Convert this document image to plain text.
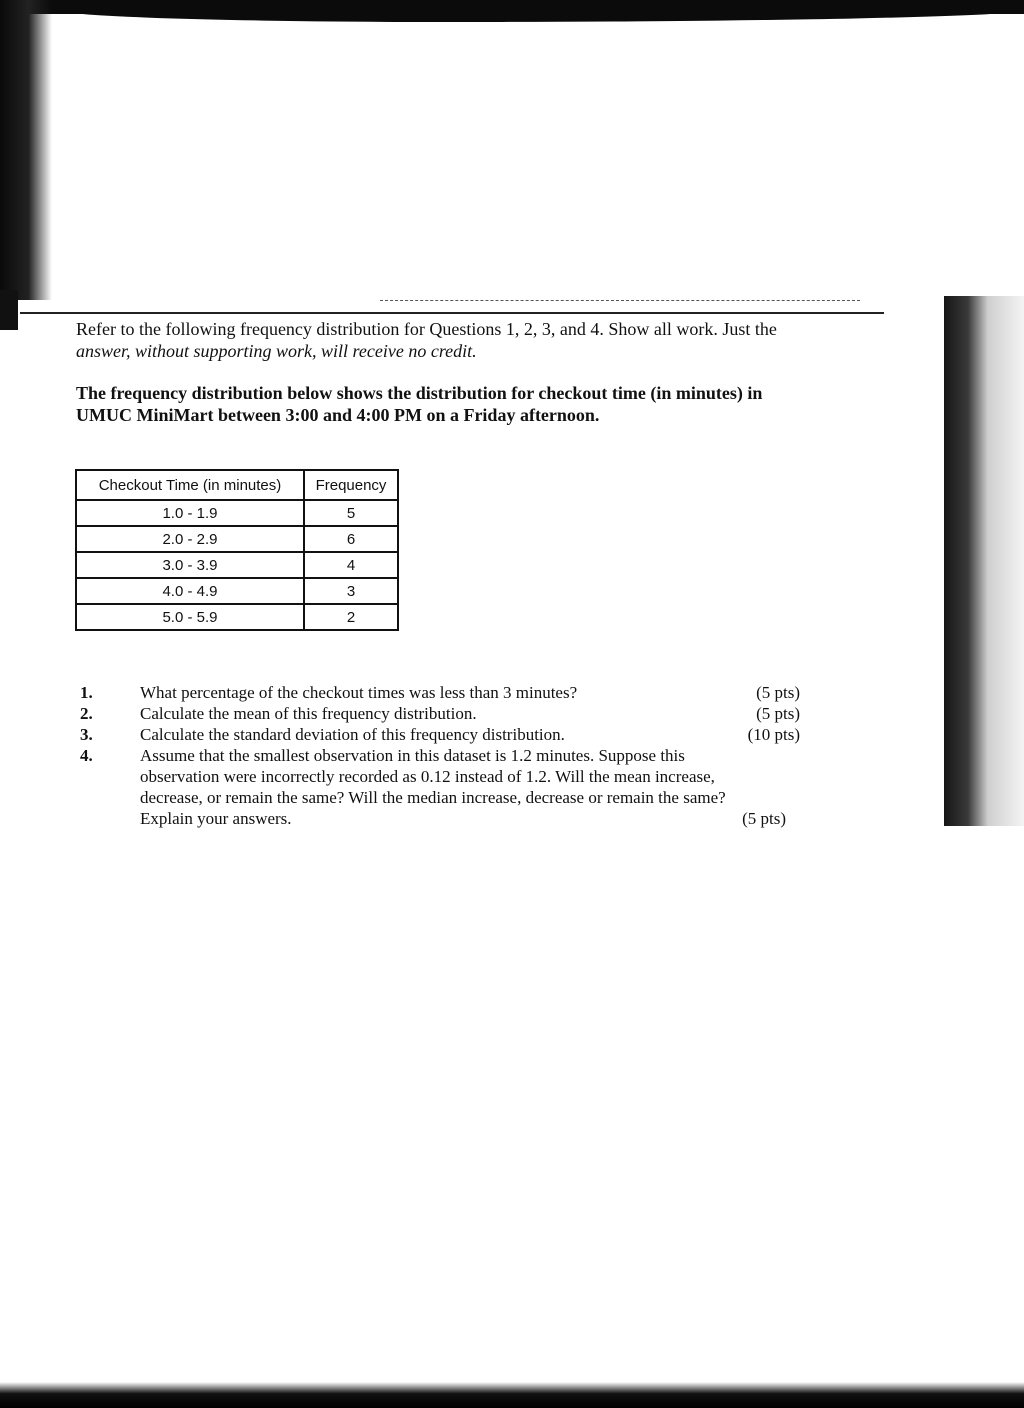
Refer to the following frequency distribution for Questions 1, 2, 3, and 4. Show all work. Just the
answer, without supporting work, will receive no credit.
The frequency distribution below shows the distribution for checkout time (in minutes) in
UMUC MiniMart between 3:00 and 4:00 PM on a Friday afternoon.
Checkout Time (in minutes)	Frequency
1.0 - 1.9	5
2.0 - 2.9	6
3.0 - 3.9	4
4.0 - 4.9	3
5.0 - 5.9	2
1.	What percentage of the checkout times was less than 3 minutes?	(5 pts)
2.	Calculate the mean of this frequency distribution.	(5 pts)
3.	Calculate the standard deviation of this frequency distribution.	(10 pts)
4.	Assume that the smallest observation in this dataset is 1.2 minutes. Suppose this
observation were incorrectly recorded as 0.12 instead of 1.2. Will the mean increase,
decrease, or remain the same? Will the median increase, decrease or remain the same?
Explain your answers.	(5 pts)
